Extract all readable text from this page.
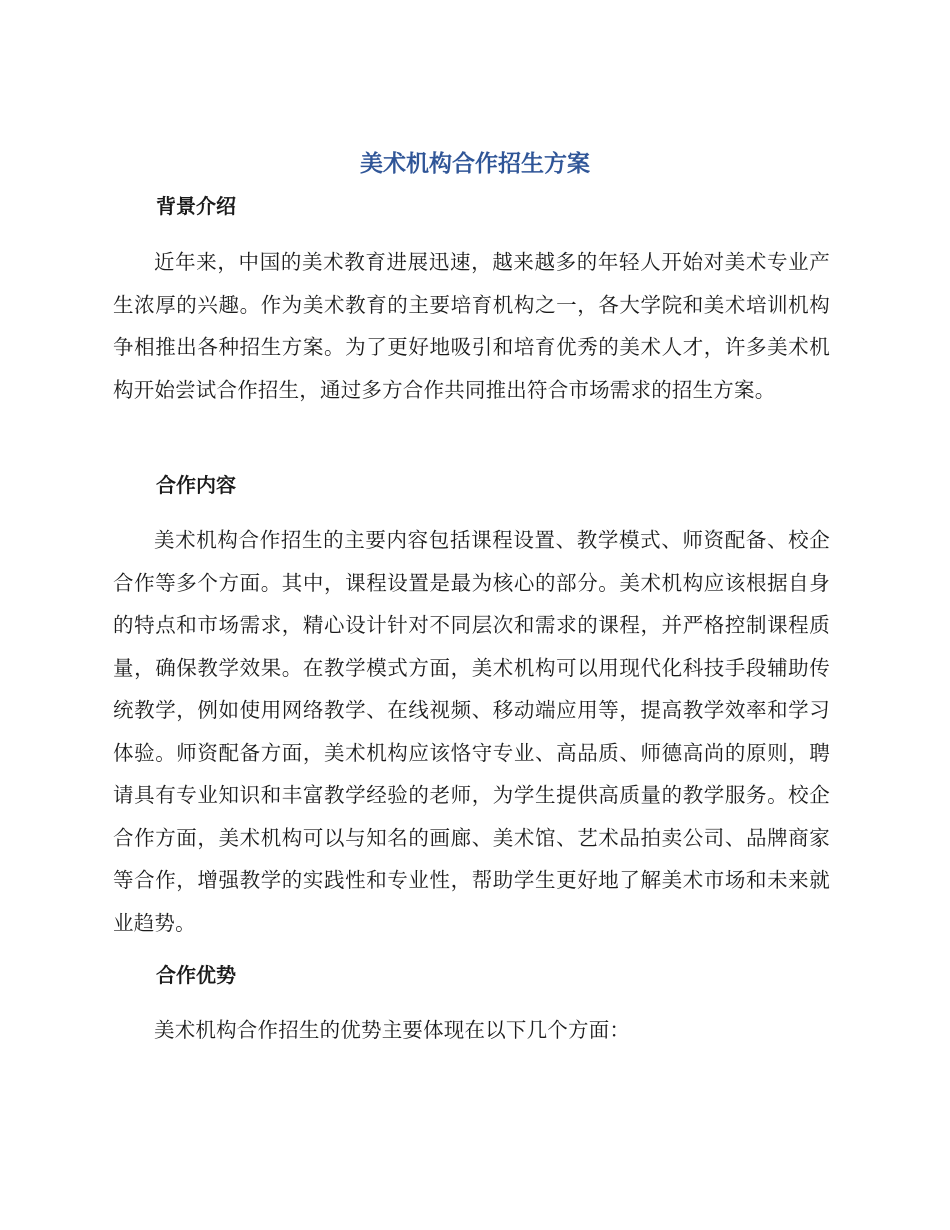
美术机构合作招生方案
背景介绍

近年来，中国的美术教育进展迅速，越来越多的年轻人开始对美术专业产生浓厚的兴趣。作为美术教育的主要培育机构之一，各大学院和美术培训机构争相推出各种招生方案。为了更好地吸引和培育优秀的美术人才，许多美术机构开始尝试合作招生，通过多方合作共同推出符合市场需求的招生方案。

合作内容

美术机构合作招生的主要内容包括课程设置、教学模式、师资配备、校企合作等多个方面。其中，课程设置是最为核心的部分。美术机构应该根据自身的特点和市场需求，精心设计针对不同层次和需求的课程，并严格控制课程质量，确保教学效果。在教学模式方面，美术机构可以用现代化科技手段辅助传统教学，例如使用网络教学、在线视频、移动端应用等，提高教学效率和学习体验。师资配备方面，美术机构应该恪守专业、高品质、师德高尚的原则，聘请具有专业知识和丰富教学经验的老师，为学生提供高质量的教学服务。校企合作方面，美术机构可以与知名的画廊、美术馆、艺术品拍卖公司、品牌商家等合作，增强教学的实践性和专业性，帮助学生更好地了解美术市场和未来就业趋势。

合作优势

美术机构合作招生的优势主要体现在以下几个方面：
